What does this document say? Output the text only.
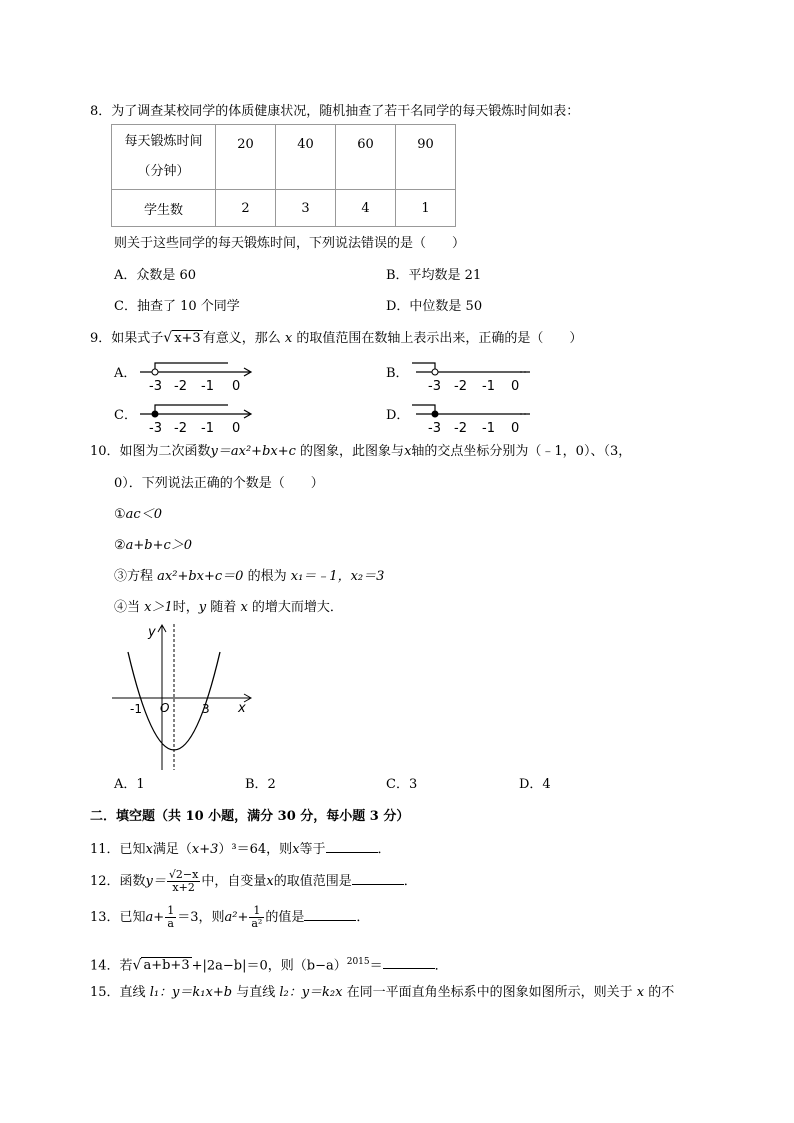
8．为了调查某校同学的体质健康状况，随机抽查了若干名同学的每天锻炼时间如表：
每天锻炼时间
（分钟）	20	40	60	90
学生数	2	3	4	1
则关于这些同学的每天锻炼时间，下列说法错误的是（　　）
A．众数是 60	B．平均数是 21
C．抽查了 10 个同学	D．中位数是 50
9．如果式子√ x+3 有意义，那么 x 的取值范围在数轴上表示出来，正确的是（　　）
A．	B．
C．	D．
-3 -2 -1 0	-3 -2 -1 0
-3 -2 -1 0	-3 -2 -1 0
10．如图为二次函数y＝ax²+bx+c 的图象，此图象与x轴的交点坐标分别为（﹣1，0）、（3，
0）．下列说法正确的个数是（　　）
①ac＜0
②a+b+c＞0
③方程 ax²+bx+c＝0 的根为 x₁＝﹣1，x₂＝3
④当 x＞1时，y 随着 x 的增大而增大．
y
x
O
-1	3
A．1	B．2	C．3	D．4
二．填空题（共 10 小题，满分 30 分，每小题 3 分）
11．已知x满足（x+3）³＝64，则x等于	．
12．函数$y= \frac{√2-x}{x+2}$ 中，自变量x的取值范围是	．
13．已知$a+ \frac{1}{a} =3$，则$a^2+ \frac{1}{\text{a²}}$ 的值是	．
14．若√ a+b+3 +|2a−b|＝0，则$(b-a)^{2015}=$	．
15．直线 l₁：y＝k₁x+b 与直线 l₂：y＝k₂x 在同一平面直角坐标系中的图象如图所示，则关于 x 的不
